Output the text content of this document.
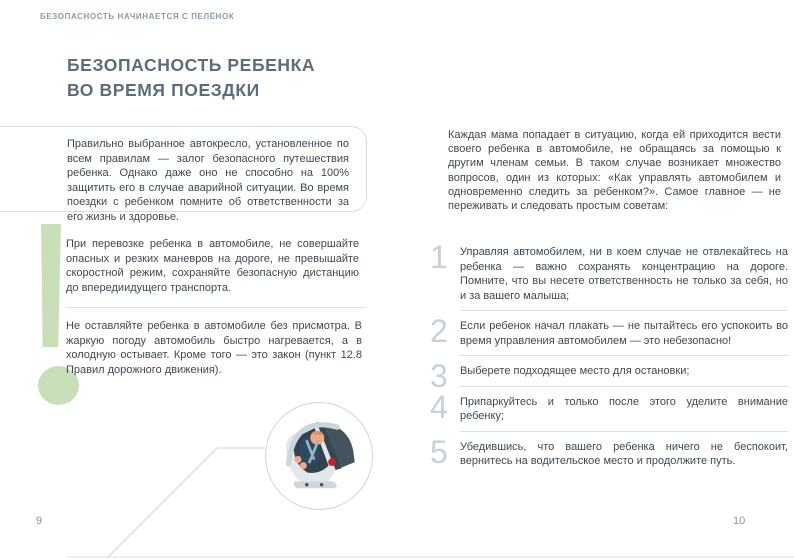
БЕЗОПАСНОСТЬ НАЧИНАЕТСЯ С ПЕЛЁНОК
БЕЗОПАСНОСТЬ РЕБЕНКА
ВО ВРЕМЯ ПОЕЗДКИ
Правильно выбранное автокресло, установленное по всем правилам — залог безопасного путешествия ребенка. Однако даже оно не способно на 100% защитить его в случае аварийной ситуации. Во время поездки с ребенком помните об ответственности за его жизнь и здоровье.
При перевозке ребенка в автомобиле, не совершайте опасных и резких маневров на дороге, не превышайте скоростной режим, сохраняйте безопасную дистанцию до впередиидущего транспорта.
Не оставляйте ребенка в автомобиле без присмотра. В жаркую погоду автомобиль быстро нагревается, а в холодную остывает. Кроме того — это закон (пункт 12.8 Правил дорожного движения).
Каждая мама попадает в ситуацию, когда ей приходится вести своего ребенка в автомобиле, не обращаясь за помощью к другим членам семьи. В таком случае возникает множество вопросов, один из которых: «Как управлять автомобилем и одновременно следить за ребенком?». Самое главное — не переживать и следовать простым советам:
1 Управляя автомобилем, ни в коем случае не отвлекайтесь на ребенка — важно сохранять концентрацию на дороге. Помните, что вы несете ответственность не только за себя, но и за вашего малыша;
2 Если ребенок начал плакать — не пытайтесь его успокоить во время управления автомобилем — это небезопасно!
3 Выберете подходящее место для остановки;
4 Припаркуйтесь и только после этого уделите внимание ребенку;
5 Убедившись, что вашего ребенка ничего не беспокоит, вернитесь на водительское место и продолжите путь.
9	10
